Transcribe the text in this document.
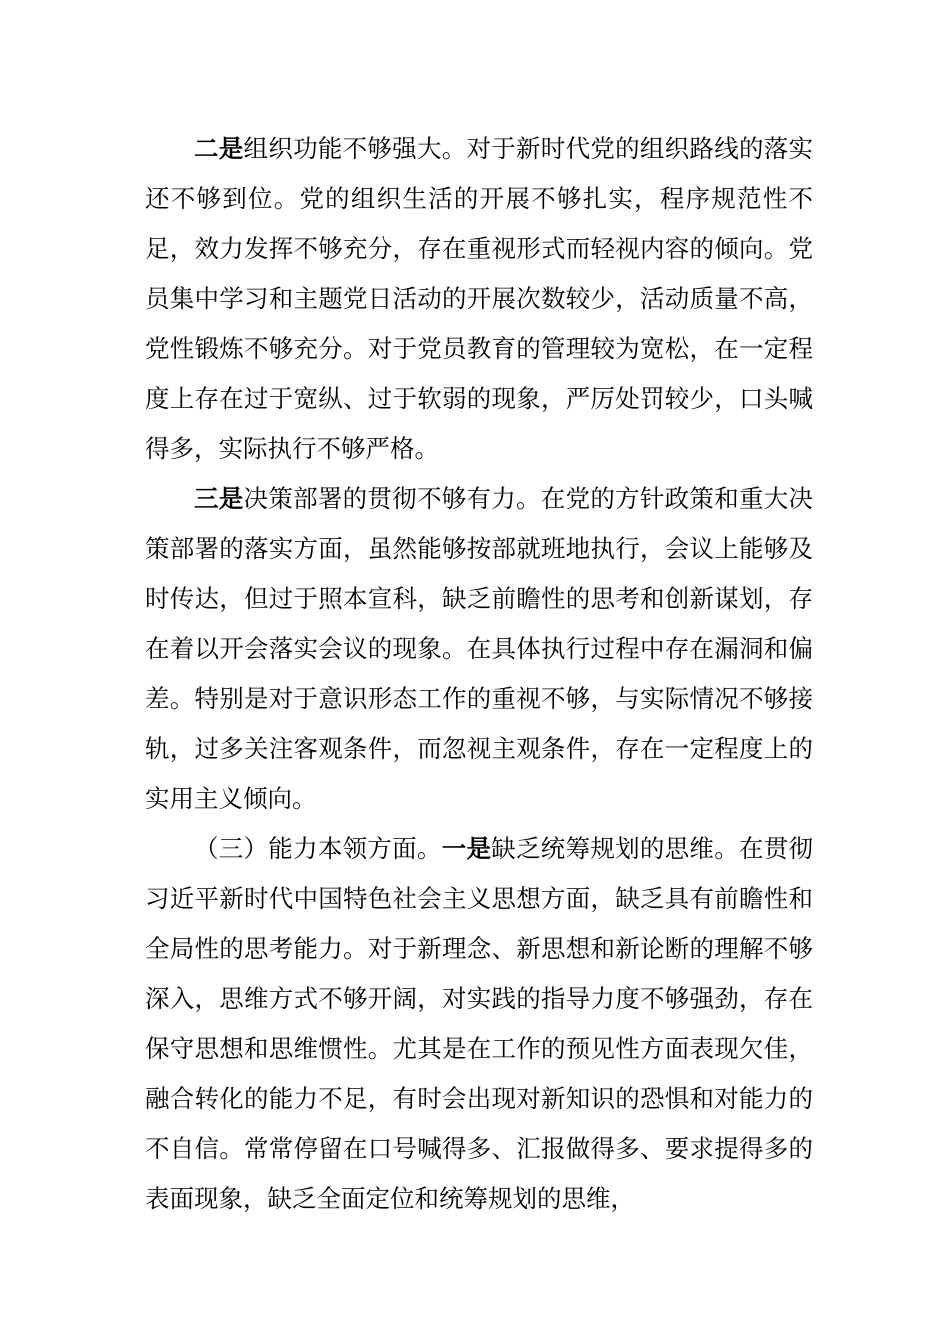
二是组织功能不够强大。对于新时代党的组织路线的落实还不够到位。党的组织生活的开展不够扎实，程序规范性不足，效力发挥不够充分，存在重视形式而轻视内容的倾向。党员集中学习和主题党日活动的开展次数较少，活动质量不高，党性锻炼不够充分。对于党员教育的管理较为宽松，在一定程度上存在过于宽纵、过于软弱的现象，严厉处罚较少，口头喊得多，实际执行不够严格。

三是决策部署的贯彻不够有力。在党的方针政策和重大决策部署的落实方面，虽然能够按部就班地执行，会议上能够及时传达，但过于照本宣科，缺乏前瞻性的思考和创新谋划，存在着以开会落实会议的现象。在具体执行过程中存在漏洞和偏差。特别是对于意识形态工作的重视不够，与实际情况不够接轨，过多关注客观条件，而忽视主观条件，存在一定程度上的实用主义倾向。

（三）能力本领方面。一是缺乏统筹规划的思维。在贯彻习近平新时代中国特色社会主义思想方面，缺乏具有前瞻性和全局性的思考能力。对于新理念、新思想和新论断的理解不够深入，思维方式不够开阔，对实践的指导力度不够强劲，存在保守思想和思维惯性。尤其是在工作的预见性方面表现欠佳，融合转化的能力不足，有时会出现对新知识的恐惧和对能力的不自信。常常停留在口号喊得多、汇报做得多、要求提得多的表面现象，缺乏全面定位和统筹规划的思维，
